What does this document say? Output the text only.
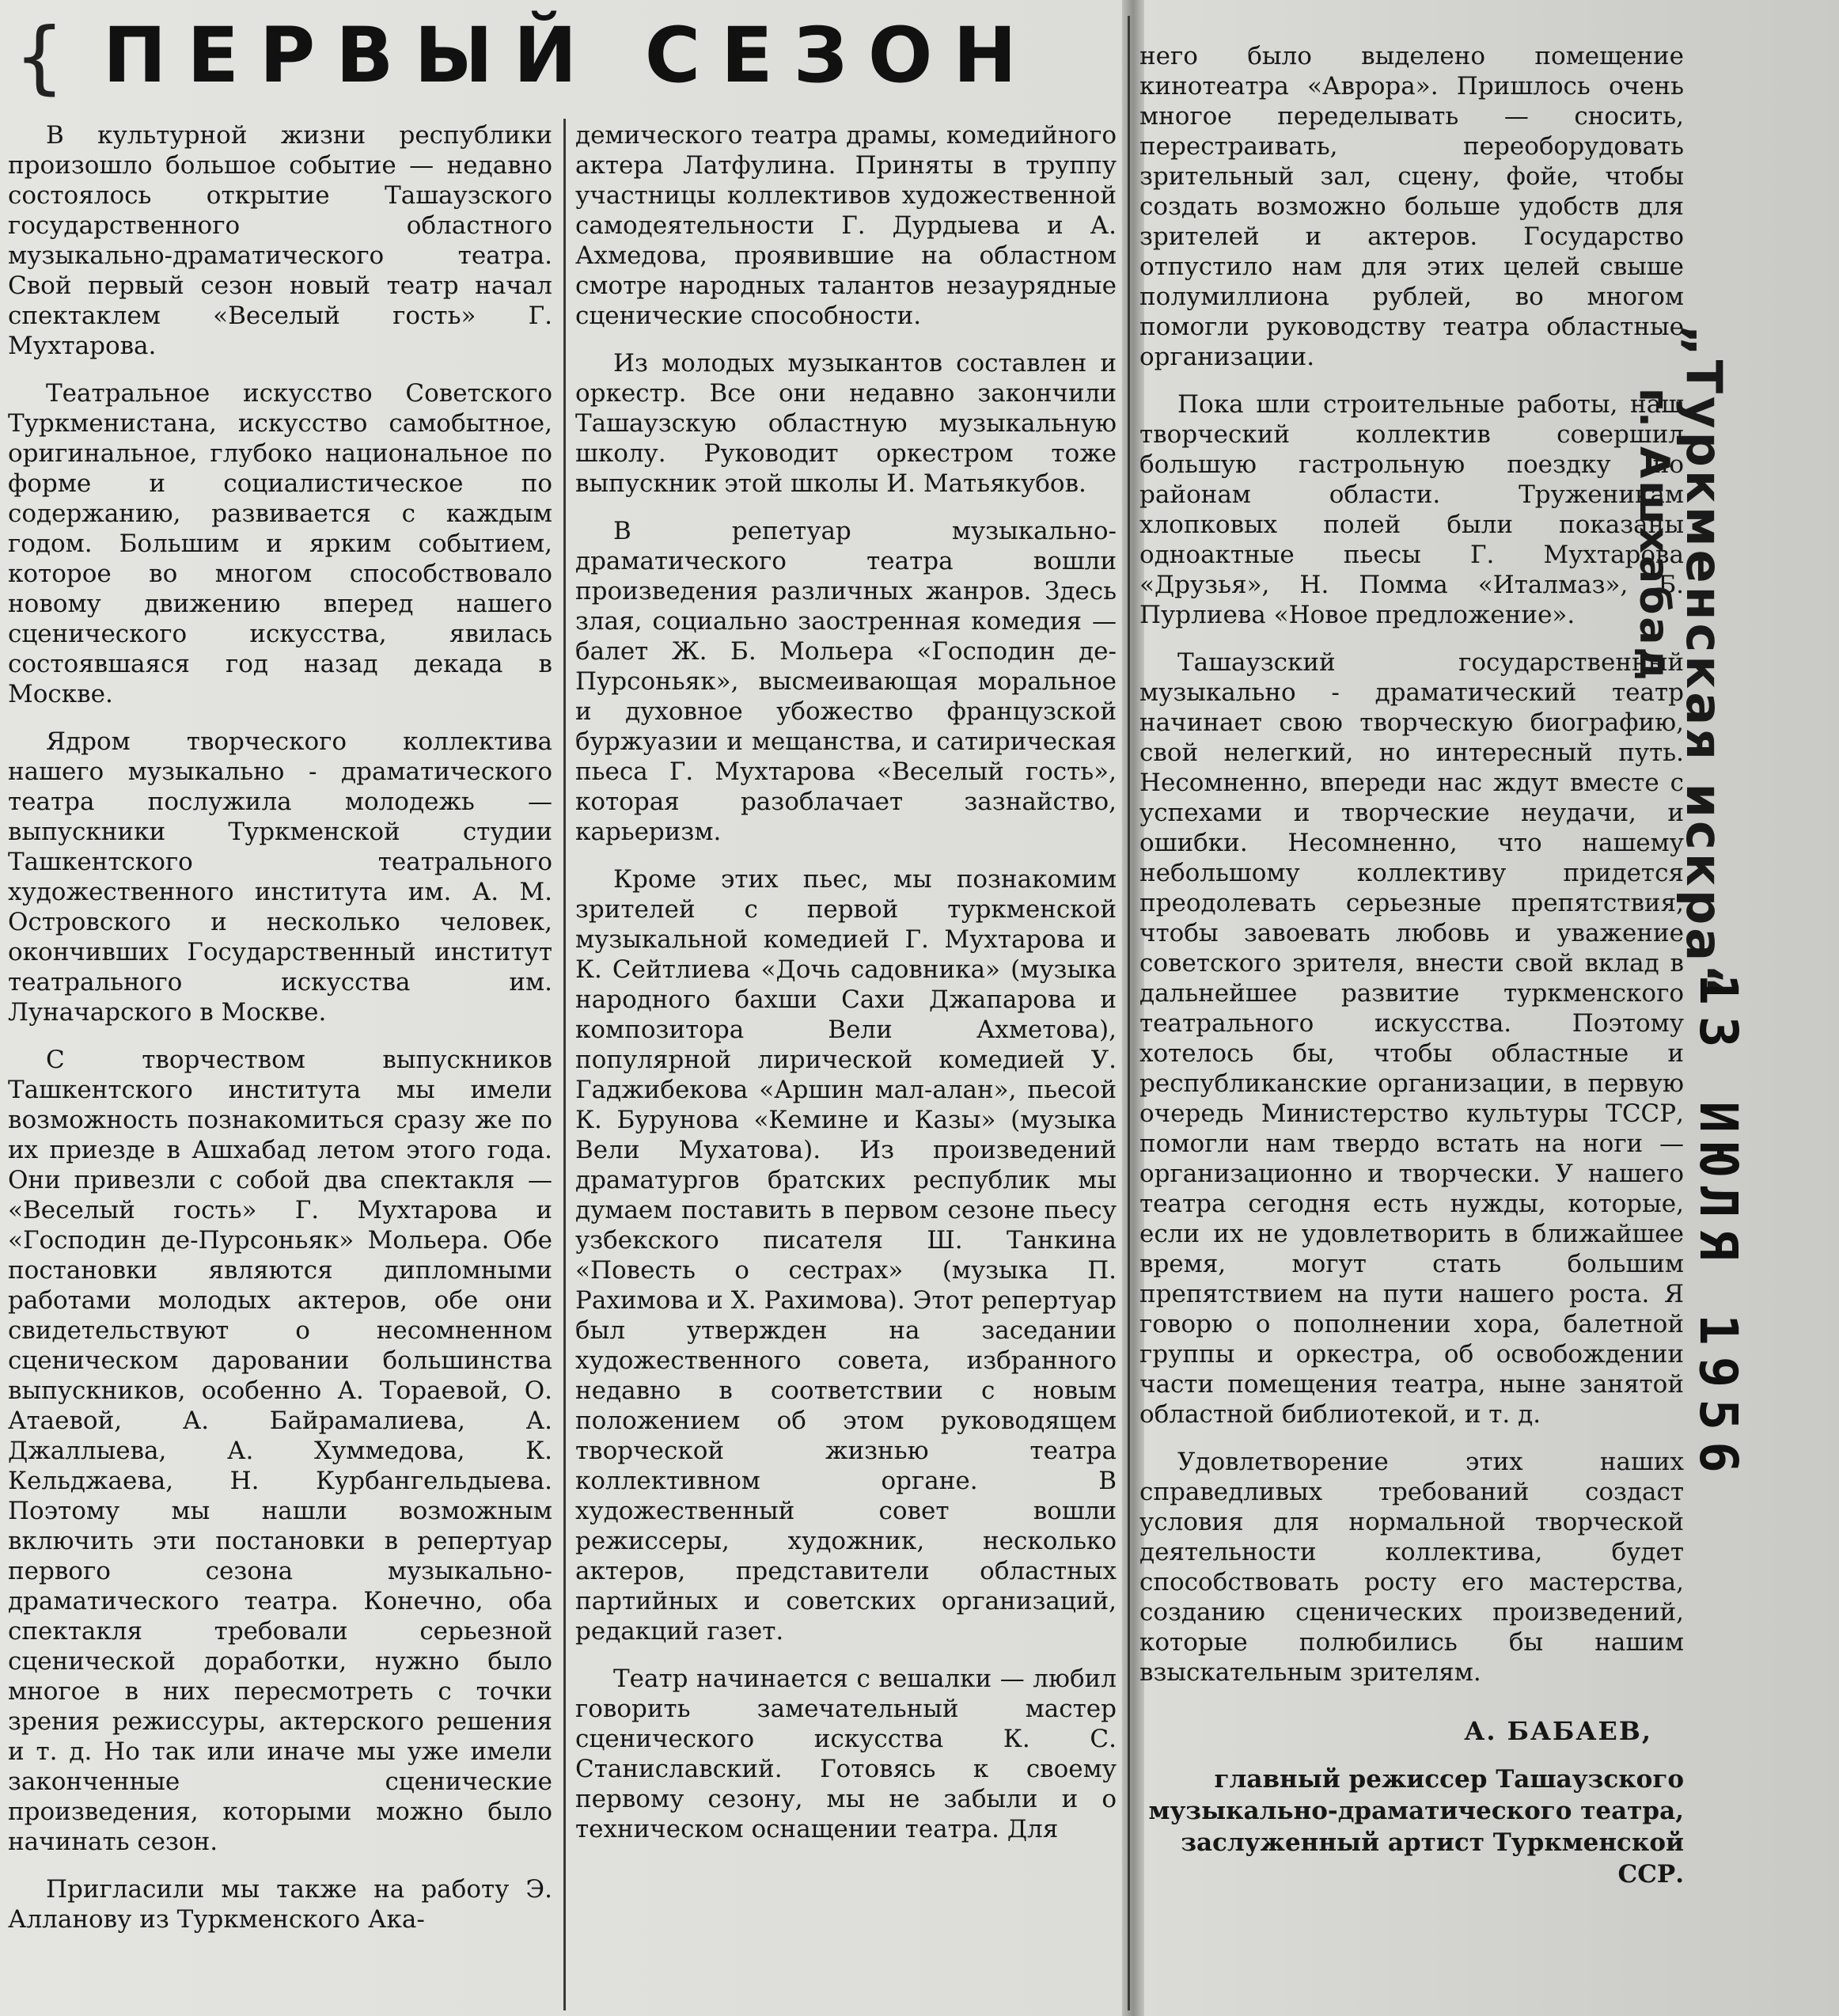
{ ПЕРВЫЙ СЕЗОН

В культурной жизни республики произошло большое событие — недавно состоялось открытие Ташаузского государственного областного музыкально-драматического театра. Свой первый сезон новый театр начал спектаклем «Веселый гость» Г. Мухтарова.

Театральное искусство Советского Туркменистана, искусство самобытное, оригинальное, глубоко национальное по форме и социалистическое по содержанию, развивается с каждым годом. Большим и ярким событием, которое во многом способствовало новому движению вперед нашего сценического искусства, явилась состоявшаяся год назад декада в Москве.

Ядром творческого коллектива нашего музыкально - драматического театра послужила молодежь — выпускники Туркменской студии Ташкентского театрального художественного института им. А. М. Островского и несколько человек, окончивших Государственный институт театрального искусства им. Луначарского в Москве.

С творчеством выпускников Ташкентского института мы имели возможность познакомиться сразу же по их приезде в Ашхабад летом этого года. Они привезли с собой два спектакля — «Веселый гость» Г. Мухтарова и «Господин де-Пурсоньяк» Мольера. Обе постановки являются дипломными работами молодых актеров, обе они свидетельствуют о несомненном сценическом даровании большинства выпускников, особенно А. Тораевой, О. Атаевой, А. Байрамалиева, А. Джаллыева, А. Хуммедова, К. Кельджаева, Н. Курбангельдыева. Поэтому мы нашли возможным включить эти постановки в репертуар первого сезона музыкально-драматического театра. Конечно, оба спектакля требовали серьезной сценической доработки, нужно было многое в них пересмотреть с точки зрения режиссуры, актерского решения и т. д. Но так или иначе мы уже имели законченные сценические произведения, которыми можно было начинать сезон.

Пригласили мы также на работу Э. Алланову из Туркменского Ака-

демического театра драмы, комедийного актера Латфулина. Приняты в труппу участницы коллективов художественной самодеятельности Г. Дурдыева и А. Ахмедова, проявившие на областном смотре народных талантов незаурядные сценические способности.

Из молодых музыкантов составлен и оркестр. Все они недавно закончили Ташаузскую областную музыкальную школу. Руководит оркестром тоже выпускник этой школы И. Матьякубов.

В репетуар музыкально-драматического театра вошли произведения различных жанров. Здесь злая, социально заостренная комедия — балет Ж. Б. Мольера «Господин де-Пурсоньяк», высмеивающая моральное и духовное убожество французской буржуазии и мещанства, и сатирическая пьеса Г. Мухтарова «Веселый гость», которая разоблачает зазнайство, карьеризм.

Кроме этих пьес, мы познакомим зрителей с первой туркменской музыкальной комедией Г. Мухтарова и К. Сейтлиева «Дочь садовника» (музыка народного бахши Сахи Джапарова и композитора Вели Ахметова), популярной лирической комедией У. Гаджибекова «Аршин мал-алан», пьесой К. Бурунова «Кемине и Казы» (музыка Вели Мухатова). Из произведений драматургов братских республик мы думаем поставить в первом сезоне пьесу узбекского писателя Ш. Танкина «Повесть о сестрах» (музыка П. Рахимова и Х. Рахимова). Этот репертуар был утвержден на заседании художественного совета, избранного недавно в соответствии с новым положением об этом руководящем творческой жизнью театра коллективном органе. В художественный совет вошли режиссеры, художник, несколько актеров, представители областных партийных и советских организаций, редакций газет.

Театр начинается с вешалки — любил говорить замечательный мастер сценического искусства К. С. Станиславский. Готовясь к своему первому сезону, мы не забыли и о техническом оснащении театра. Для

него было выделено помещение кинотеатра «Аврора». Пришлось очень многое переделывать — сносить, перестраивать, переоборудовать зрительный зал, сцену, фойе, чтобы создать возможно больше удобств для зрителей и актеров. Государство отпустило нам для этих целей свыше полумиллиона рублей, во многом помогли руководству театра областные организации.

Пока шли строительные работы, наш творческий коллектив совершил большую гастрольную поездку по районам области. Труженикам хлопковых полей были показаны одноактные пьесы Г. Мухтарова «Друзья», Н. Помма «Италмаз», Б. Пурлиева «Новое предложение».

Ташаузский государственный музыкально - драматический театр начинает свою творческую биографию, свой нелегкий, но интересный путь. Несомненно, впереди нас ждут вместе с успехами и творческие неудачи, и ошибки. Несомненно, что нашему небольшому коллективу придется преодолевать серьезные препятствия, чтобы завоевать любовь и уважение советского зрителя, внести свой вклад в дальнейшее развитие туркменского театрального искусства. Поэтому хотелось бы, чтобы областные и республиканские организации, в первую очередь Министерство культуры ТССР, помогли нам твердо встать на ноги — организационно и творчески. У нашего театра сегодня есть нужды, которые, если их не удовлетворить в ближайшее время, могут стать большим препятствием на пути нашего роста. Я говорю о пополнении хора, балетной группы и оркестра, об освобождении части помещения театра, ныне занятой областной библиотекой, и т. д.

Удовлетворение этих наших справедливых требований создаст условия для нормальной творческой деятельности коллектива, будет способствовать росту его мастерства, созданию сценических произведений, которые полюбились бы нашим взыскательным зрителям.

А. БАБАЕВ,
главный режиссер Ташаузского музыкально-драматического театра, заслуженный артист Туркменской ССР.
„Туркменская искра“
г. Ашхабад
13 ИЮЛЯ 1956
